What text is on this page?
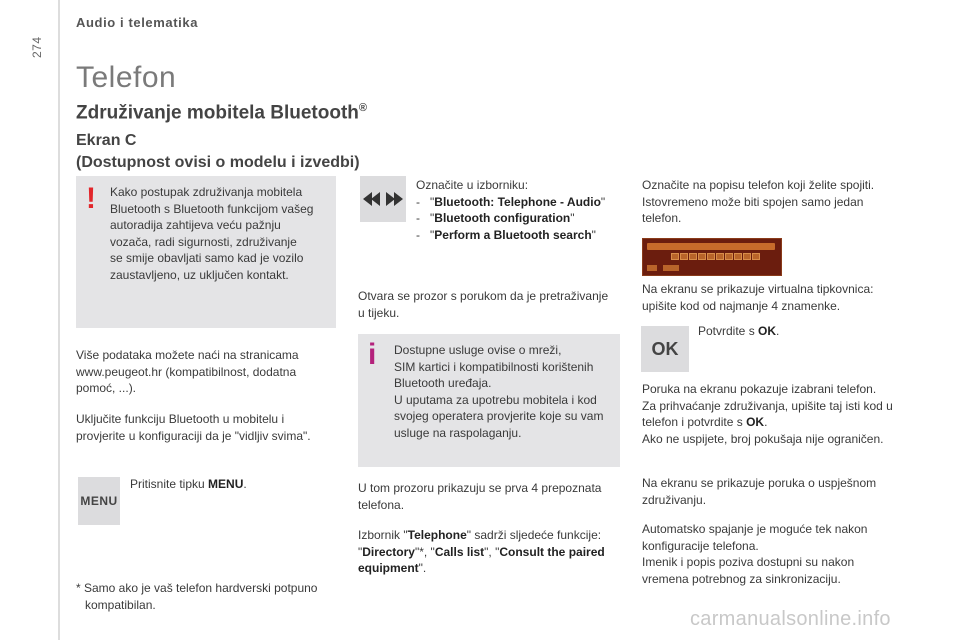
274
Audio i telematika
Telefon
Združivanje mobitela Bluetooth®
Ekran C
(Dostupnost ovisi o modelu i izvedbi)
! Kako postupak združivanja mobitela
Bluetooth s Bluetooth funkcijom vašeg
autoradija zahtijeva veću pažnju
vozača, radi sigurnosti, združivanje
se smije obavljati samo kad je vozilo
zaustavljeno, uz uključen kontakt.
Više podataka možete naći na stranicama
www.peugeot.hr (kompatibilnost, dodatna
pomoć, ...).
Uključite funkciju Bluetooth u mobitelu i
provjerite u konfiguraciji da je "vidljiv svima".
MENU
Pritisnite tipku MENU.
* Samo ako je vaš telefon hardverski potpuno
kompatibilan.
Označite u izborniku:
- "Bluetooth: Telephone - Audio"
- "Bluetooth configuration"
- "Perform a Bluetooth search"
Otvara se prozor s porukom da je pretraživanje
u tijeku.
i Dostupne usluge ovise o mreži,
SIM kartici i kompatibilnosti korištenih
Bluetooth uređaja.
U uputama za upotrebu mobitela i kod
svojeg operatera provjerite koje su vam
usluge na raspolaganju.
U tom prozoru prikazuju se prva 4 prepoznata
telefona.
Izbornik "Telephone" sadrži sljedeće funkcije:
"Directory"*, "Calls list", "Consult the paired
equipment".
Označite na popisu telefon koji želite spojiti.
Istovremeno može biti spojen samo jedan
telefon.
Na ekranu se prikazuje virtualna tipkovnica:
upišite kod od najmanje 4 znamenke.
OK
Potvrdite s OK.
Poruka na ekranu pokazuje izabrani telefon.
Za prihvaćanje združivanja, upišite taj isti kod u
telefon i potvrdite s OK.
Ako ne uspijete, broj pokušaja nije ograničen.
Na ekranu se prikazuje poruka o uspješnom
združivanju.
Automatsko spajanje je moguće tek nakon
konfiguracije telefona.
Imenik i popis poziva dostupni su nakon
vremena potrebnog za sinkronizaciju.
carmanualsonline.info
